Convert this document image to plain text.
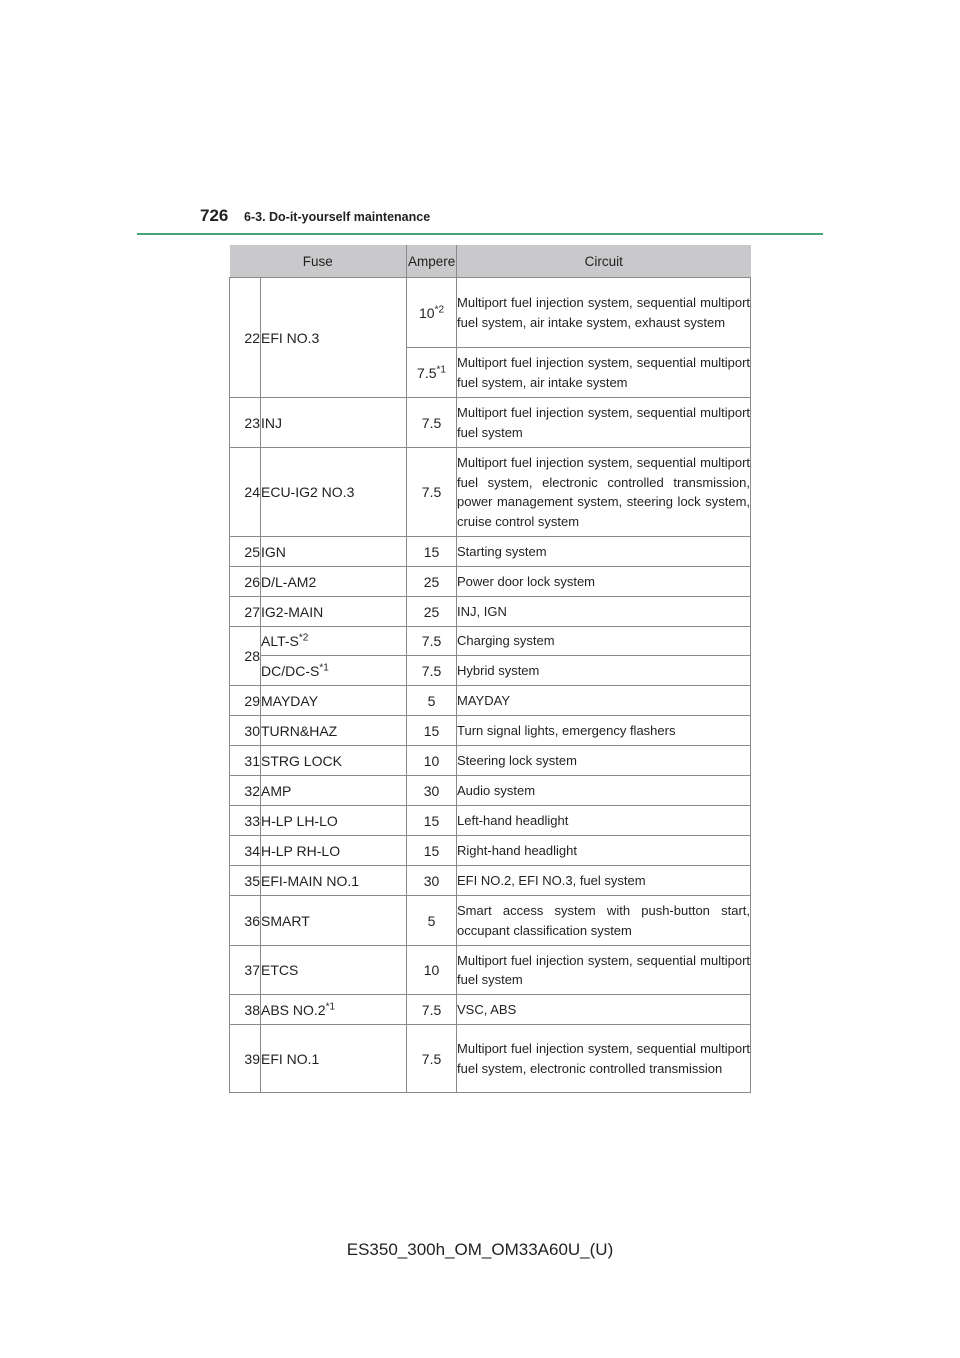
726	6-3. Do-it-yourself maintenance
Fuse		Ampere	Circuit
22	EFI NO.3	10$^{*2}$	Multiport fuel injection system, sequential multiport fuel system, air intake system, exhaust system
		7.5$^{*1}$	Multiport fuel injection system, sequential multiport fuel system, air intake system
23	INJ	7.5	Multiport fuel injection system, sequential multiport fuel system
24	ECU-IG2 NO.3	7.5	Multiport fuel injection system, sequential multiport fuel system, electronic controlled transmission, power management system, steering lock system, cruise control system
25	IGN	15	Starting system
26	D/L-AM2	25	Power door lock system
27	IG2-MAIN	25	INJ, IGN
28	ALT-$S^{*2}$	7.5	Charging system
	$DC/DC-S^{*1}$	7.5	Hybrid system
29	MAYDAY	5	MAYDAY
30	TURN&HAZ	15	Turn signal lights, emergency flashers
31	STRG LOCK	10	Steering lock system
32	AMP	30	Audio system
33	H-LP LH-LO	15	Left-hand headlight
34	H-LP RH-LO	15	Right-hand headlight
35	EFI-MAIN NO.1	30	EFI NO.2, EFI NO.3, fuel system
36	SMART	5	Smart access system with push-button start, occupant classification system
37	ETCS	10	Multiport fuel injection system, sequential multiport fuel system
38	ABS NO.2$^{*1}$	7.5	VSC, ABS
39	EFI NO.1	7.5	Multiport fuel injection system, sequential multiport fuel system, electronic controlled transmission
ES350_300h_OM_OM33A60U_(U)
